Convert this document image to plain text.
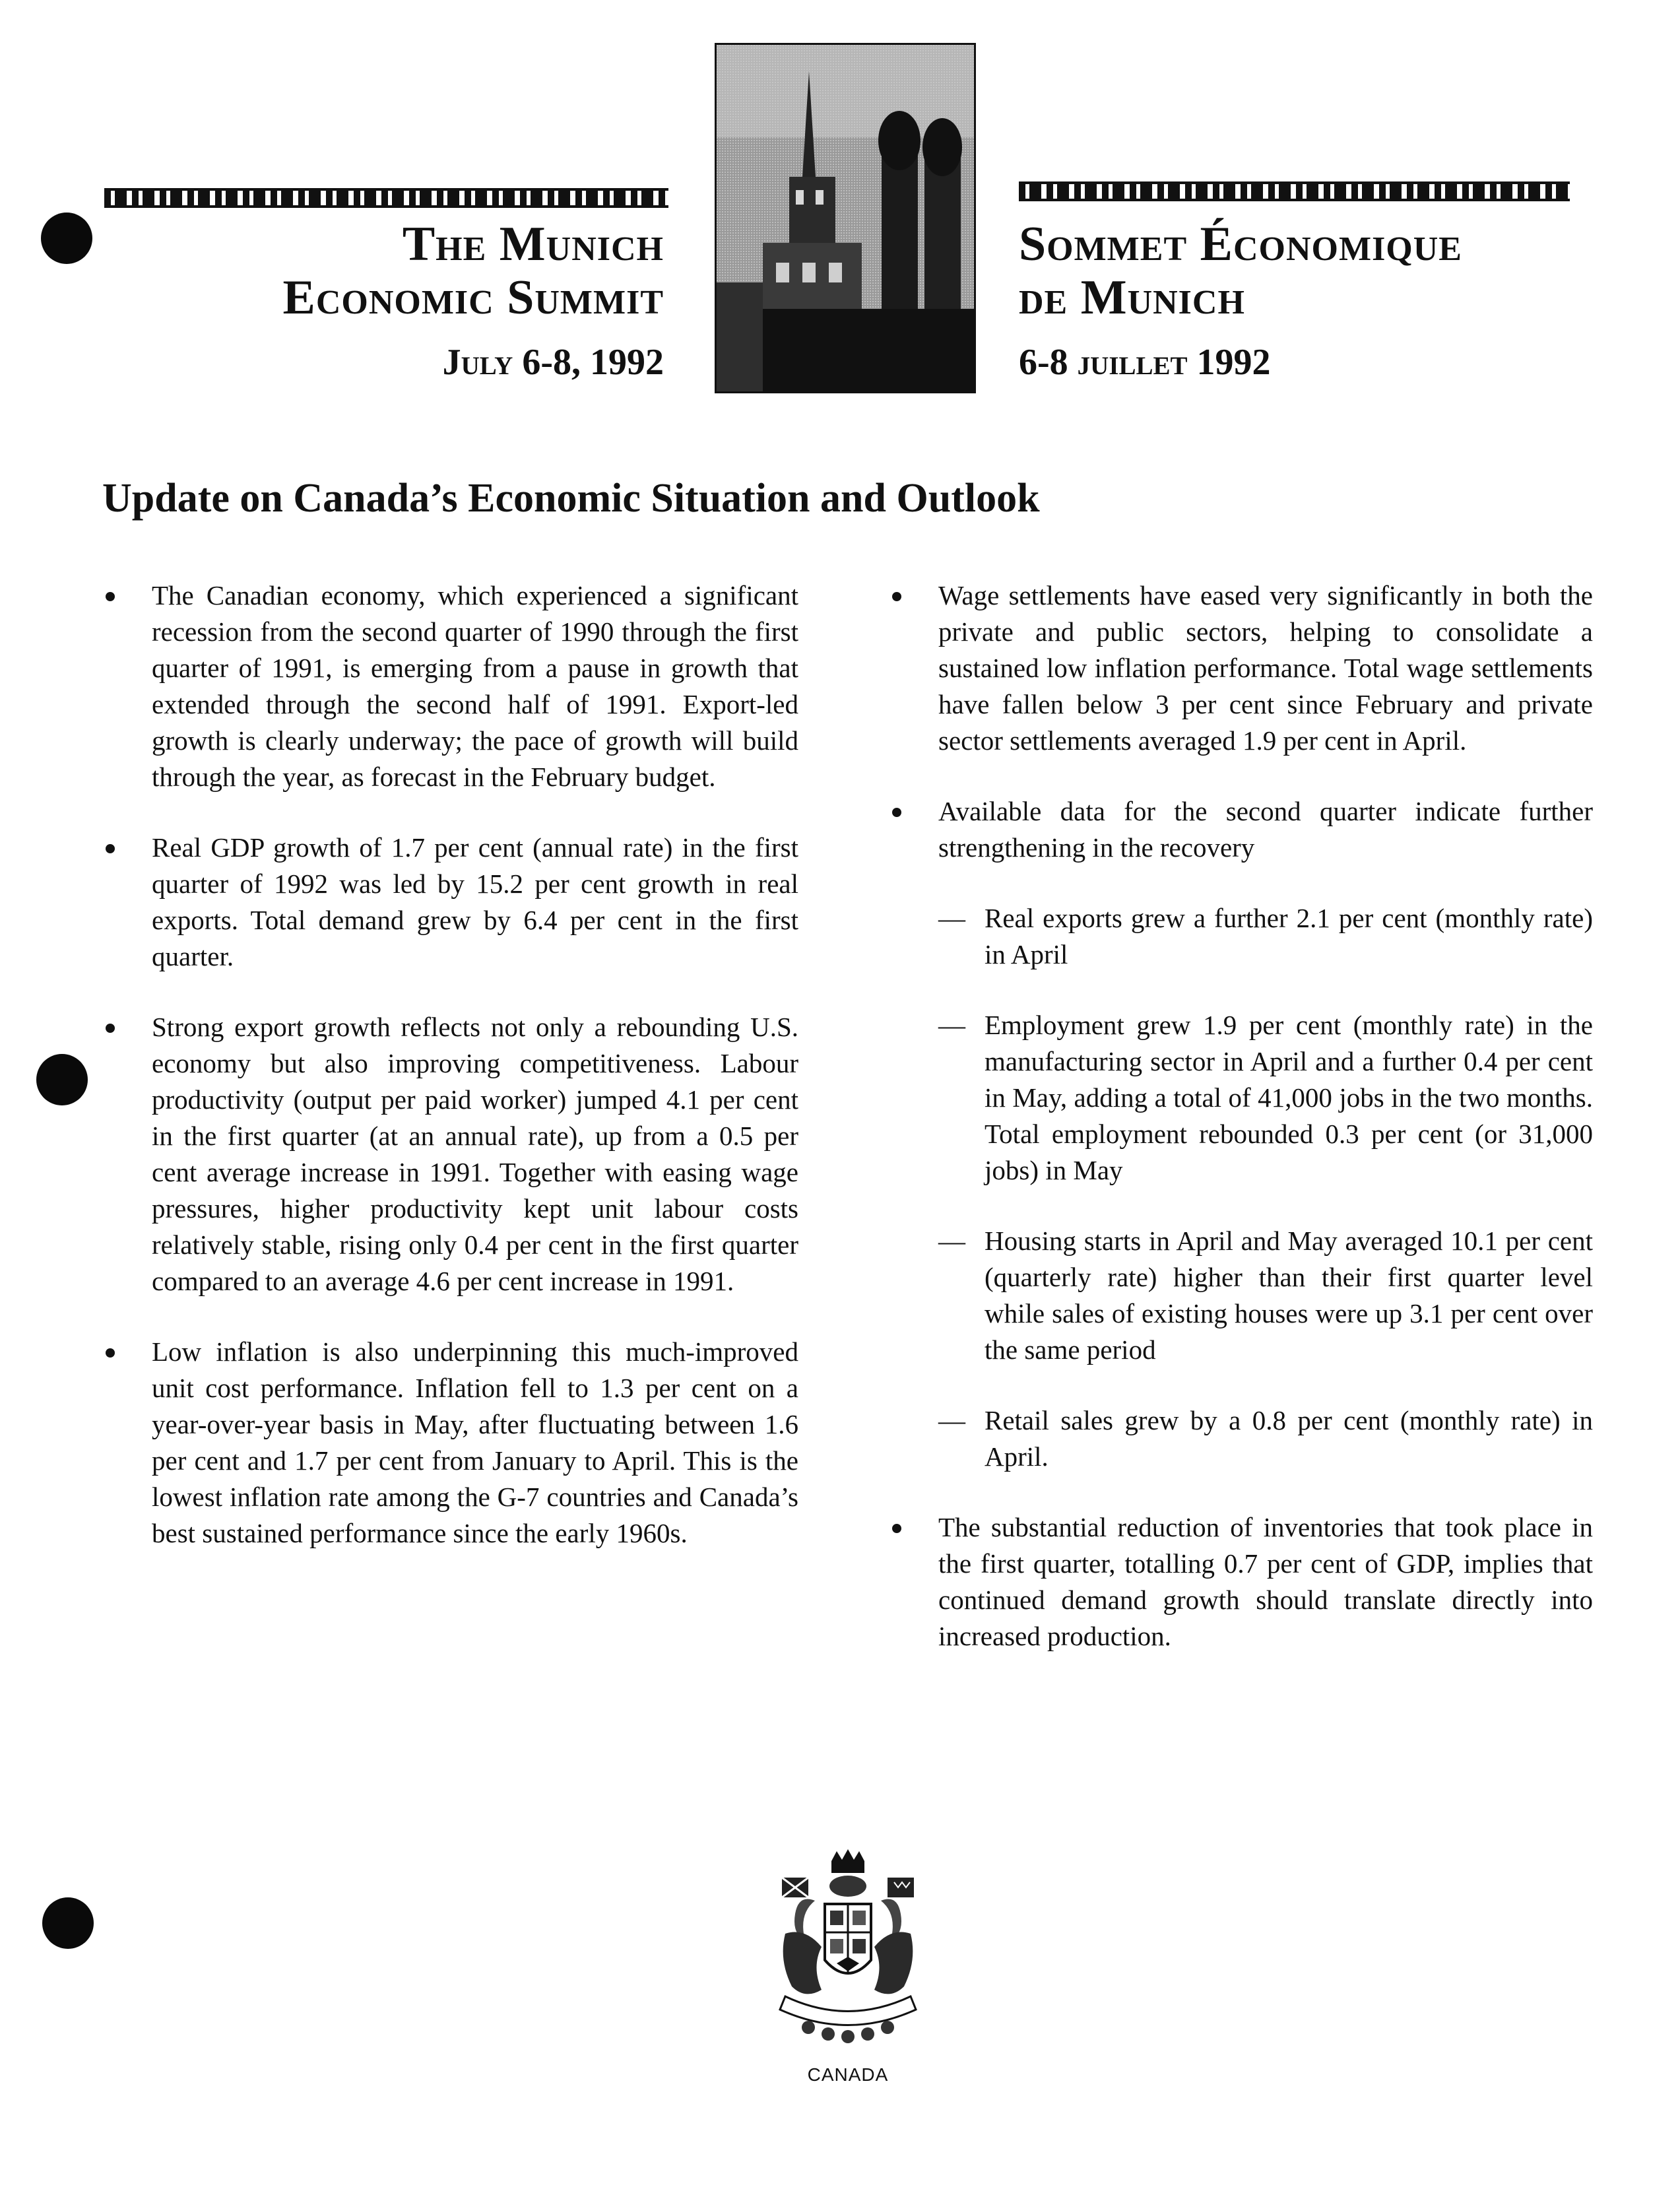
The Munich
Economic Summit
July 6-8, 1992
Sommet Économique
de Munich
6-8 juillet 1992
Update on Canada’s Economic Situation and Outlook
The Canadian economy, which experienced a significant recession from the second quarter of 1990 through the first quarter of 1991, is emerging from a pause in growth that extended through the second half of 1991. Export-led growth is clearly underway; the pace of growth will build through the year, as forecast in the February budget.
Real GDP growth of 1.7 per cent (annual rate) in the first quarter of 1992 was led by 15.2 per cent growth in real exports. Total demand grew by 6.4 per cent in the first quarter.
Strong export growth reflects not only a rebounding U.S. economy but also improving competitiveness. Labour productivity (output per paid worker) jumped 4.1 per cent in the first quarter (at an annual rate), up from a 0.5 per cent average increase in 1991. Together with easing wage pressures, higher productivity kept unit labour costs relatively stable, rising only 0.4 per cent in the first quarter compared to an average 4.6 per cent increase in 1991.
Low inflation is also underpinning this much-improved unit cost performance. Inflation fell to 1.3 per cent on a year-over-year basis in May, after fluctuating between 1.6 per cent and 1.7 per cent from January to April. This is the lowest inflation rate among the G-7 countries and Canada’s best sustained performance since the early 1960s.
Wage settlements have eased very significantly in both the private and public sectors, helping to consolidate a sustained low inflation performance. Total wage settlements have fallen below 3 per cent since February and private sector settlements averaged 1.9 per cent in April.
Available data for the second quarter indicate further strengthening in the recovery
— Real exports grew a further 2.1 per cent (monthly rate) in April
— Employment grew 1.9 per cent (monthly rate) in the manufacturing sector in April and a further 0.4 per cent in May, adding a total of 41,000 jobs in the two months. Total employment rebounded 0.3 per cent (or 31,000 jobs) in May
— Housing starts in April and May averaged 10.1 per cent (quarterly rate) higher than their first quarter level while sales of existing houses were up 3.1 per cent over the same period
— Retail sales grew by a 0.8 per cent (monthly rate) in April.
The substantial reduction of inventories that took place in the first quarter, totalling 0.7 per cent of GDP, implies that continued demand growth should translate directly into increased production.
CANADA
